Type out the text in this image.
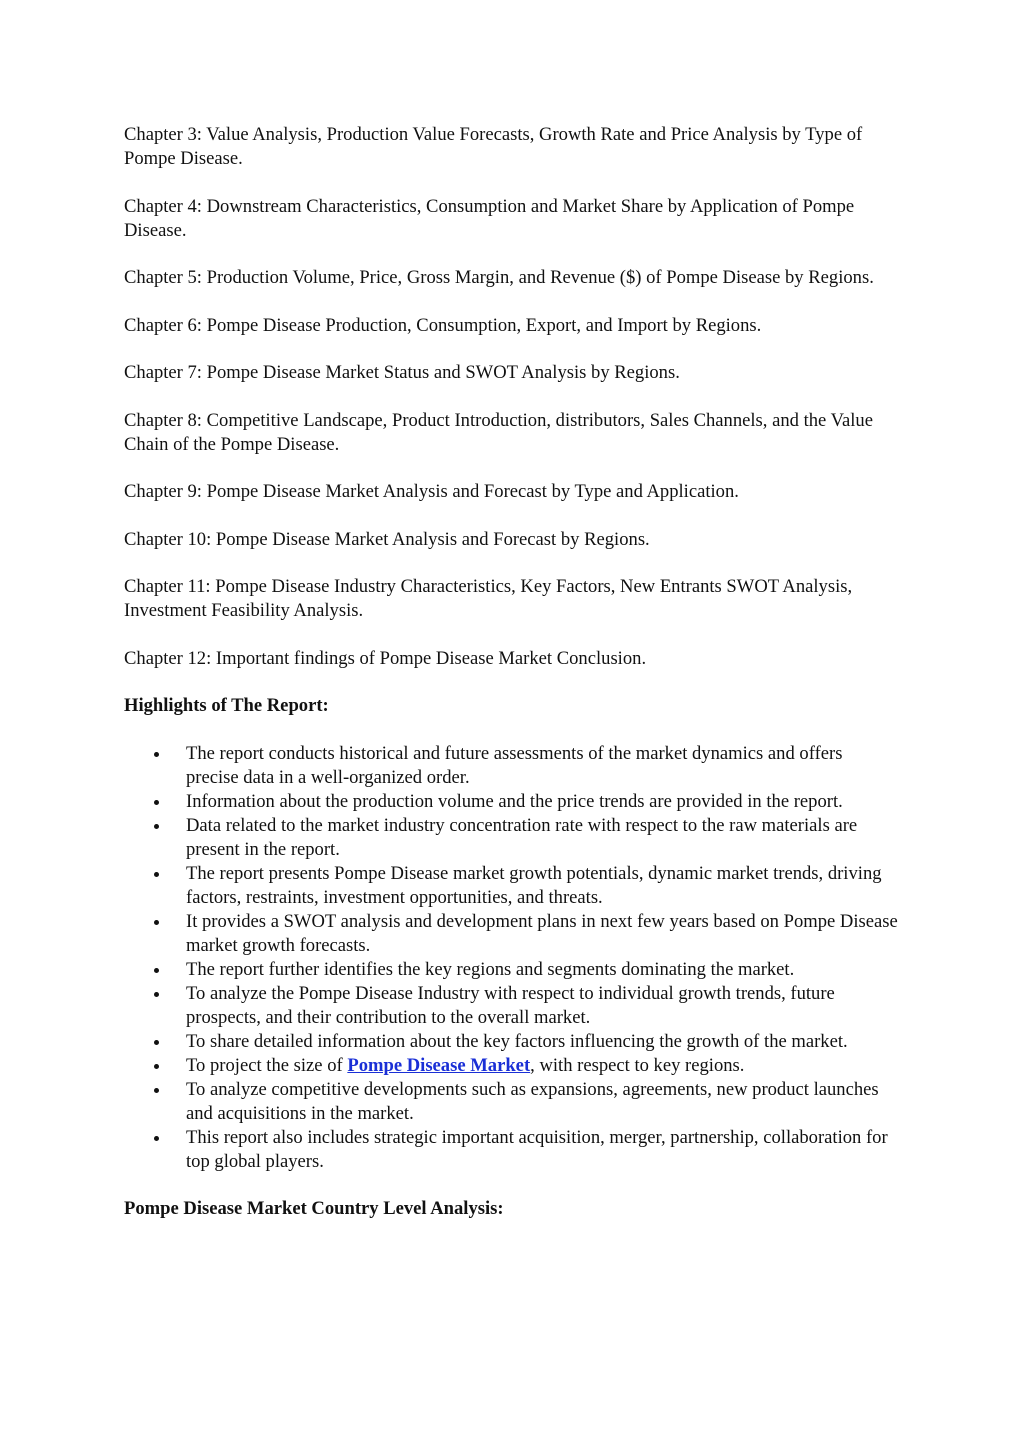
Chapter 3: Value Analysis, Production Value Forecasts, Growth Rate and Price Analysis by Type of Pompe Disease.

Chapter 4: Downstream Characteristics, Consumption and Market Share by Application of Pompe Disease.

Chapter 5: Production Volume, Price, Gross Margin, and Revenue ($) of Pompe Disease by Regions.

Chapter 6: Pompe Disease Production, Consumption, Export, and Import by Regions.

Chapter 7: Pompe Disease Market Status and SWOT Analysis by Regions.

Chapter 8: Competitive Landscape, Product Introduction, distributors, Sales Channels, and the Value Chain of the Pompe Disease.

Chapter 9: Pompe Disease Market Analysis and Forecast by Type and Application.

Chapter 10: Pompe Disease Market Analysis and Forecast by Regions.

Chapter 11: Pompe Disease Industry Characteristics, Key Factors, New Entrants SWOT Analysis, Investment Feasibility Analysis.

Chapter 12: Important findings of Pompe Disease Market Conclusion.

Highlights of The Report:

The report conducts historical and future assessments of the market dynamics and offers precise data in a well-organized order.
Information about the production volume and the price trends are provided in the report.
Data related to the market industry concentration rate with respect to the raw materials are present in the report.
The report presents Pompe Disease market growth potentials, dynamic market trends, driving factors, restraints, investment opportunities, and threats.
It provides a SWOT analysis and development plans in next few years based on Pompe Disease market growth forecasts.
The report further identifies the key regions and segments dominating the market.
To analyze the Pompe Disease Industry with respect to individual growth trends, future prospects, and their contribution to the overall market.
To share detailed information about the key factors influencing the growth of the market.
To project the size of Pompe Disease Market, with respect to key regions.
To analyze competitive developments such as expansions, agreements, new product launches and acquisitions in the market.
This report also includes strategic important acquisition, merger, partnership, collaboration for top global players.

Pompe Disease Market Country Level Analysis:
